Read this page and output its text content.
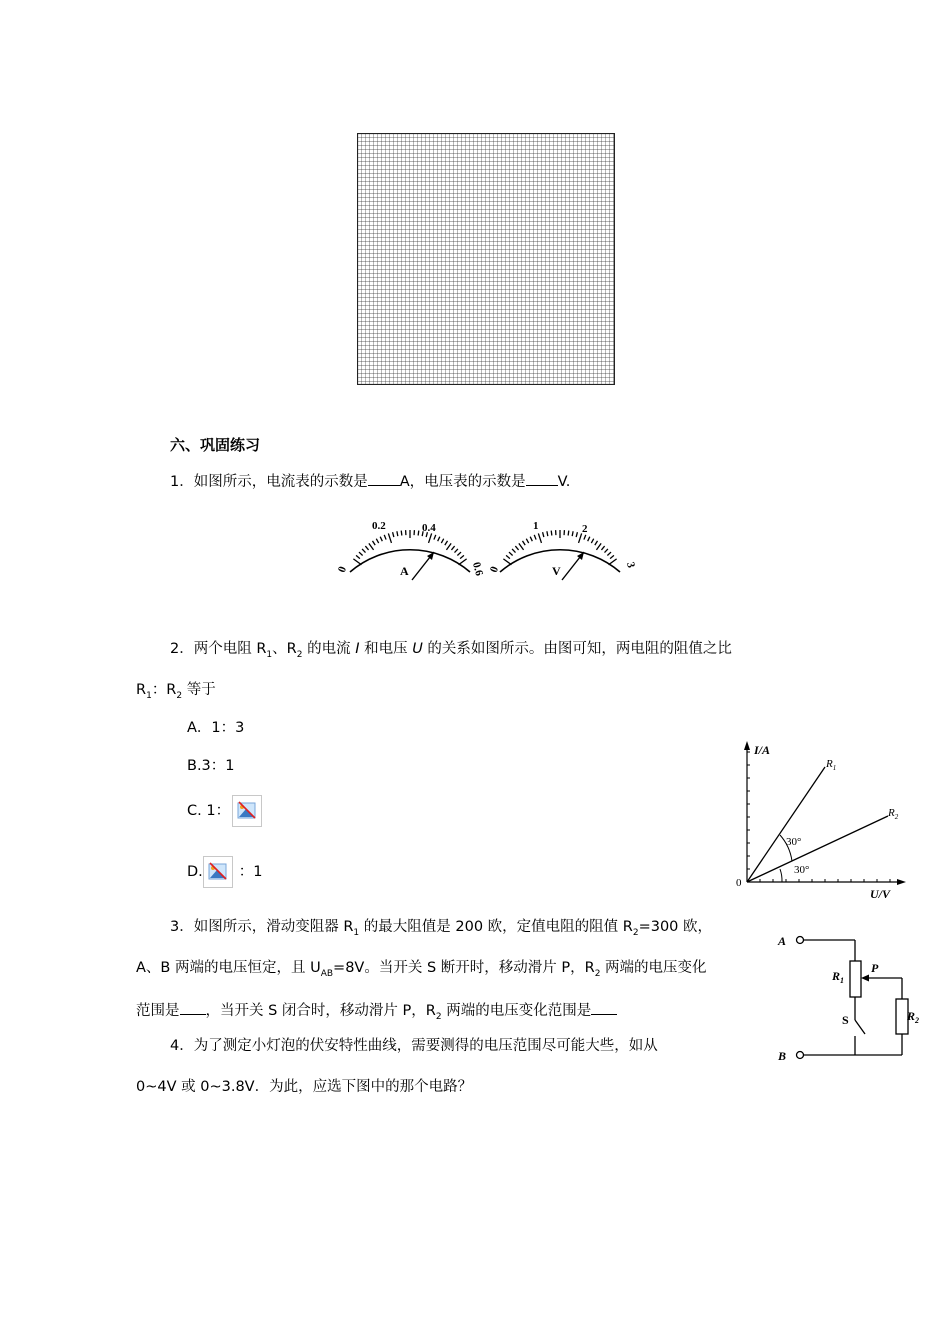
六、巩固练习
1．如图所示，电流表的示数是 A，电压表的示数是 V.
0
0.2	0.4
0.6
A	0
1	2
3
V
2．两个电阻 $R_1$、$R_2$ 的电流 I 和电压 U 的关系如图所示。由图可知，两电阻的阻值之比
$R_1$：$R_2$ 等于
A．1：3
B.3：1
C. 1：
D. ：1
I/A
U/V
0
$R_1$
$R_2$
30°
30°
3．如图所示，滑动变阻器 $R_1$ 的最大阻值是 200 欧，定值电阻的阻值 $R_2=300$ 欧，
A、B 两端的电压恒定，且 $U_{AB}=8V$。当开关 S 断开时，移动滑片 P，$R_2$ 两端的电压变化
范围是 ，当开关 S 闭合时，移动滑片 P，$R_2$ 两端的电压变化范围是
A
B
$R_1$
$R_2$
P
S
4．为了测定小灯泡的伏安特性曲线，需要测得的电压范围尽可能大些，如从
0~4V 或 0~3.8V．为此，应选下图中的那个电路？
